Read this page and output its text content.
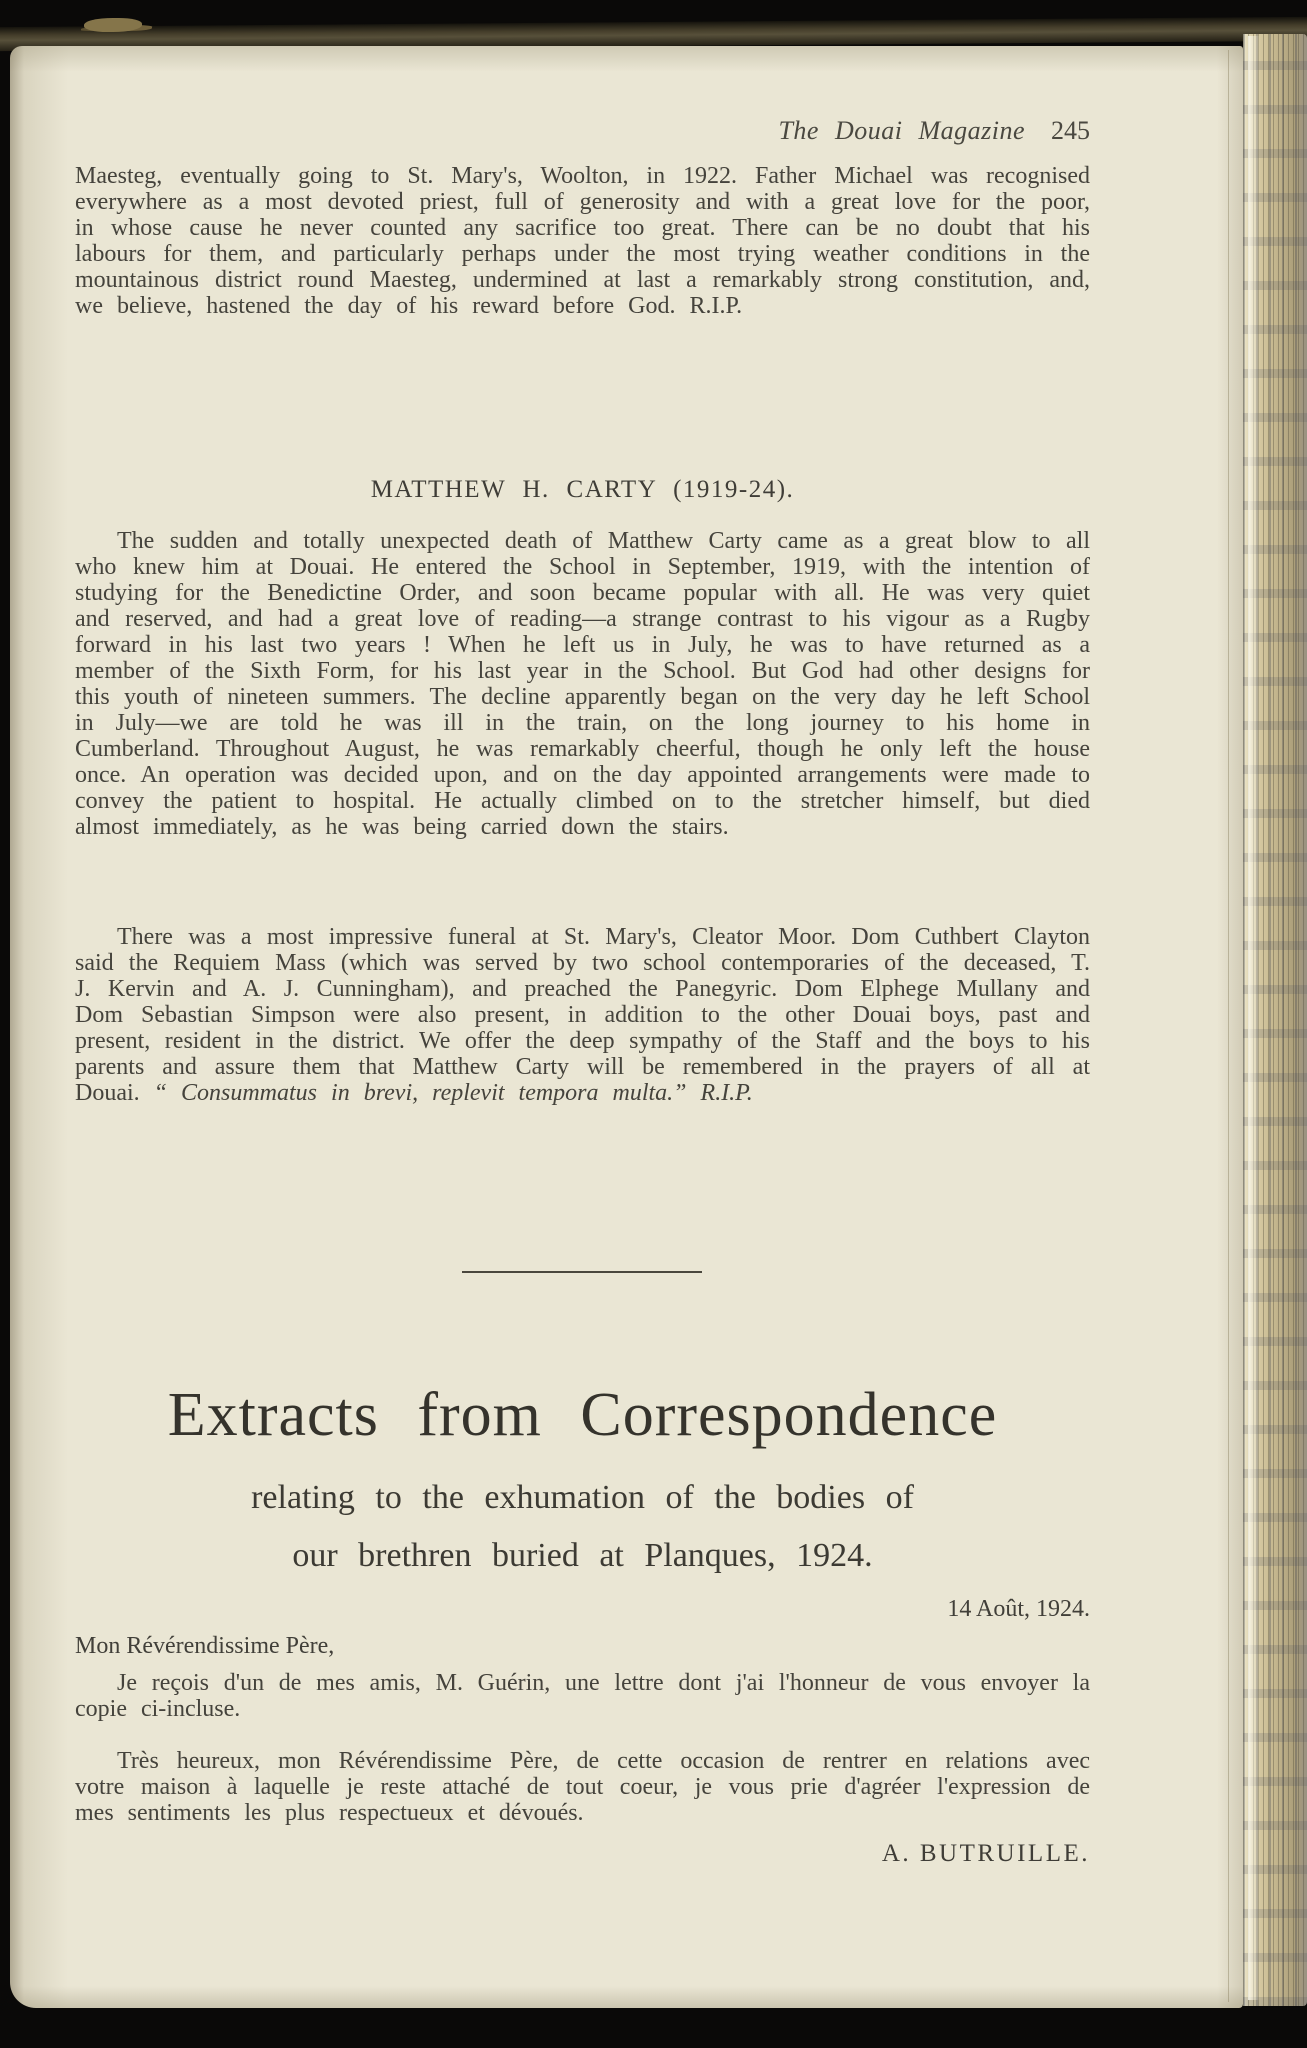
The Douai Magazine 245

Maesteg, eventually going to St. Mary's, Woolton, in 1922. Father Michael was recognised everywhere as a most devoted priest, full of generosity and with a great love for the poor, in whose cause he never counted any sacrifice too great. There can be no doubt that his labours for them, and particularly perhaps under the most trying weather conditions in the mountainous district round Maesteg, undermined at last a remarkably strong constitution, and, we believe, hastened the day of his reward before God. R.I.P.

MATTHEW H. CARTY (1919-24).

The sudden and totally unexpected death of Matthew Carty came as a great blow to all who knew him at Douai. He entered the School in September, 1919, with the intention of studying for the Benedictine Order, and soon became popular with all. He was very quiet and reserved, and had a great love of reading—a strange contrast to his vigour as a Rugby forward in his last two years ! When he left us in July, he was to have returned as a member of the Sixth Form, for his last year in the School. But God had other designs for this youth of nineteen summers. The decline apparently began on the very day he left School in July—we are told he was ill in the train, on the long journey to his home in Cumberland. Throughout August, he was remarkably cheerful, though he only left the house once. An operation was decided upon, and on the day appointed arrangements were made to convey the patient to hospital. He actually climbed on to the stretcher himself, but died almost immediately, as he was being carried down the stairs.

There was a most impressive funeral at St. Mary's, Cleator Moor. Dom Cuthbert Clayton said the Requiem Mass (which was served by two school contemporaries of the deceased, T. J. Kervin and A. J. Cunningham), and preached the Panegyric. Dom Elphege Mullany and Dom Sebastian Simpson were also present, in addition to the other Douai boys, past and present, resident in the district. We offer the deep sympathy of the Staff and the boys to his parents and assure them that Matthew Carty will be remembered in the prayers of all at Douai. “ Consummatus in brevi, replevit tempora multa.” R.I.P.

Extracts from Correspondence
relating to the exhumation of the bodies of
our brethren buried at Planques, 1924.
14 Août, 1924.
Mon Révérendissime Père,

Je reçois d'un de mes amis, M. Guérin, une lettre dont j'ai l'honneur de vous envoyer la copie ci-incluse.

Très heureux, mon Révérendissime Père, de cette occasion de rentrer en relations avec votre maison à laquelle je reste attaché de tout coeur, je vous prie d'agréer l'expression de mes sentiments les plus respectueux et dévoués.

A. BUTRUILLE.
